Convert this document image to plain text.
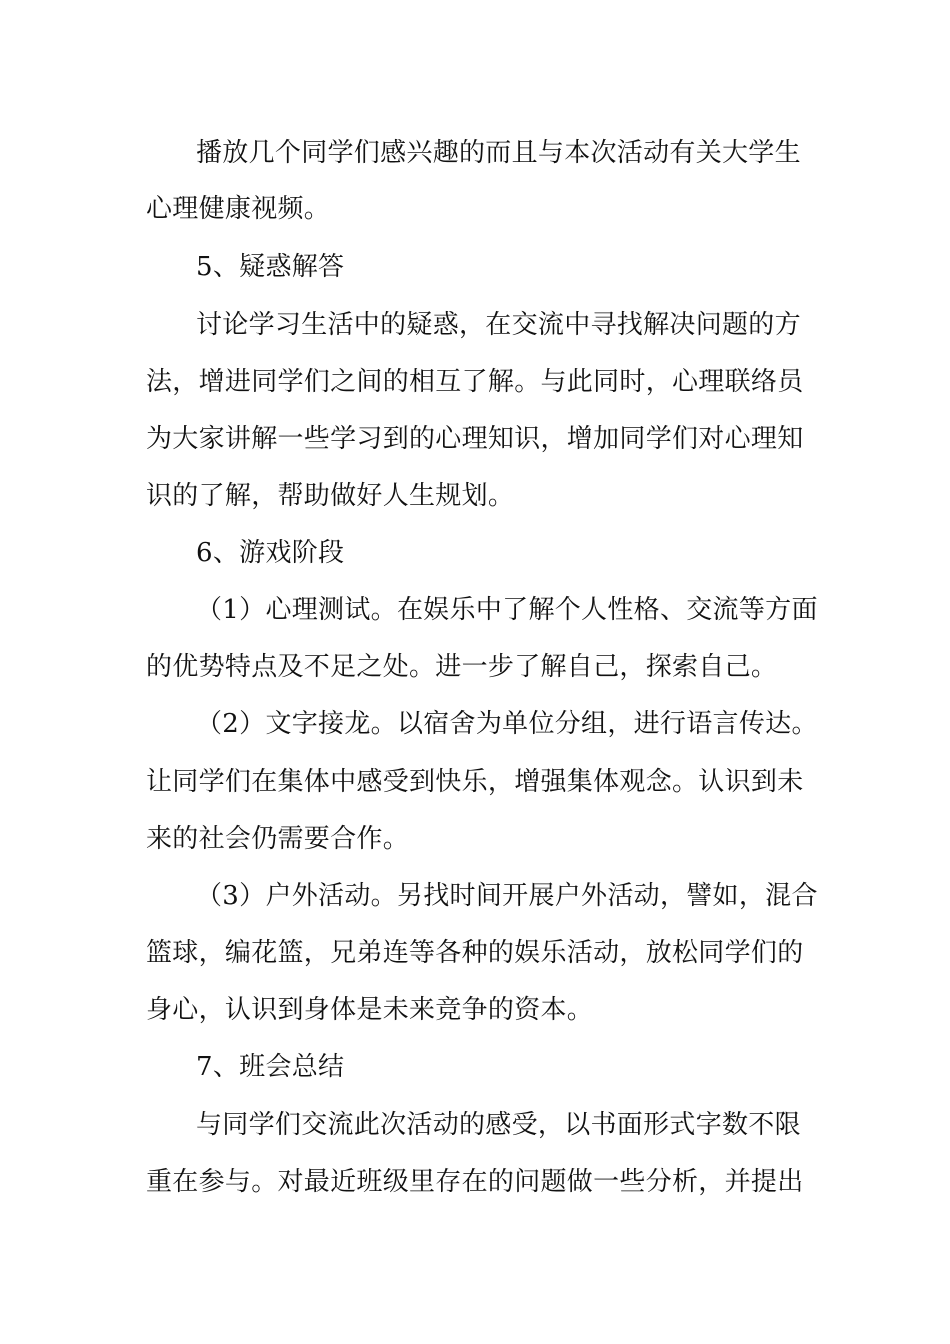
播放几个同学们感兴趣的而且与本次活动有关大学生
心理健康视频。
5、疑惑解答
讨论学习生活中的疑惑，在交流中寻找解决问题的方
法，增进同学们之间的相互了解。与此同时，心理联络员
为大家讲解一些学习到的心理知识，增加同学们对心理知
识的了解，帮助做好人生规划。
6、游戏阶段
（1）心理测试。在娱乐中了解个人性格、交流等方面
的优势特点及不足之处。进一步了解自己，探索自己。
（2）文字接龙。以宿舍为单位分组，进行语言传达。
让同学们在集体中感受到快乐，增强集体观念。认识到未
来的社会仍需要合作。
（3）户外活动。另找时间开展户外活动，譬如，混合
篮球，编花篮，兄弟连等各种的娱乐活动，放松同学们的
身心，认识到身体是未来竞争的资本。
7、班会总结
与同学们交流此次活动的感受，以书面形式字数不限
重在参与。对最近班级里存在的问题做一些分析，并提出
